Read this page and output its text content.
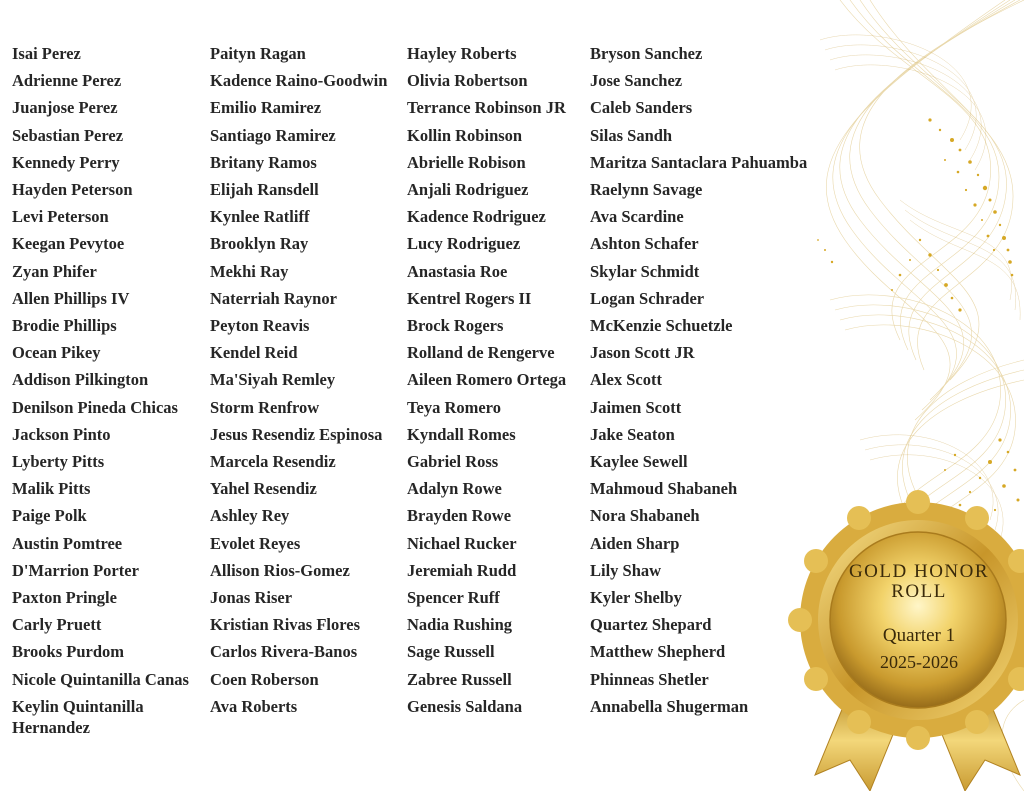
Isai Perez
Adrienne Perez
Juanjose Perez
Sebastian Perez
Kennedy Perry
Hayden Peterson
Levi Peterson
Keegan Pevytoe
Zyan Phifer
Allen Phillips IV
Brodie Phillips
Ocean Pikey
Addison Pilkington
Denilson Pineda Chicas
Jackson Pinto
Lyberty Pitts
Malik Pitts
Paige Polk
Austin Pomtree
D'Marrion Porter
Paxton Pringle
Carly Pruett
Brooks Purdom
Nicole Quintanilla Canas
Keylin Quintanilla Hernandez
Paityn Ragan
Kadence Raino-Goodwin
Emilio Ramirez
Santiago Ramirez
Britany Ramos
Elijah Ransdell
Kynlee Ratliff
Brooklyn Ray
Mekhi Ray
Naterriah Raynor
Peyton Reavis
Kendel Reid
Ma'Siyah Remley
Storm Renfrow
Jesus Resendiz Espinosa
Marcela Resendiz
Yahel Resendiz
Ashley Rey
Evolet Reyes
Allison Rios-Gomez
Jonas Riser
Kristian Rivas Flores
Carlos Rivera-Banos
Coen Roberson
Ava Roberts
Hayley Roberts
Olivia Robertson
Terrance Robinson JR
Kollin Robinson
Abrielle Robison
Anjali Rodriguez
Kadence Rodriguez
Lucy Rodriguez
Anastasia Roe
Kentrel Rogers II
Brock Rogers
Rolland de Rengerve
Aileen Romero Ortega
Teya Romero
Kyndall Romes
Gabriel Ross
Adalyn Rowe
Brayden Rowe
Nichael Rucker
Jeremiah Rudd
Spencer Ruff
Nadia Rushing
Sage Russell
Zabree Russell
Genesis Saldana
Bryson Sanchez
Jose Sanchez
Caleb Sanders
Silas Sandh
Maritza Santaclara Pahuamba
Raelynn Savage
Ava Scardine
Ashton Schafer
Skylar Schmidt
Logan Schrader
McKenzie Schuetzle
Jason Scott JR
Alex Scott
Jaimen Scott
Jake Seaton
Kaylee Sewell
Mahmoud Shabaneh
Nora Shabaneh
Aiden Sharp
Lily Shaw
Kyler Shelby
Quartez Shepard
Matthew Shepherd
Phinneas Shetler
Annabella Shugerman
GOLD HONOR ROLL
Quarter 1
2025-2026
